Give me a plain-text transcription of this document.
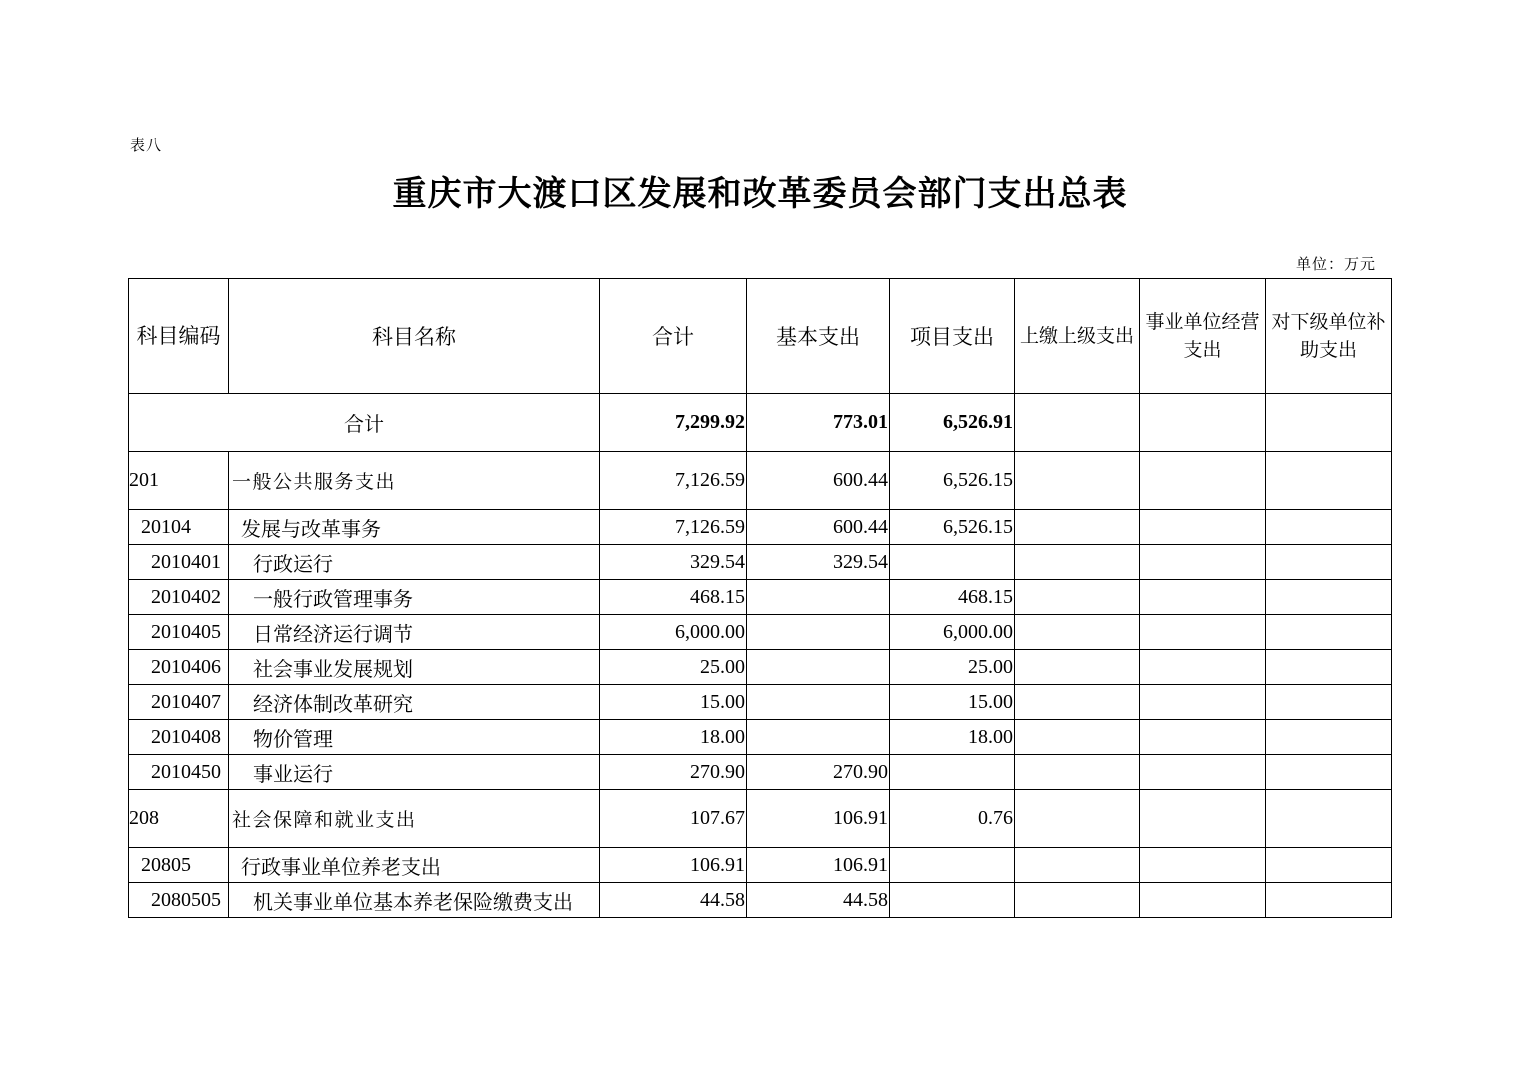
表八
重庆市大渡口区发展和改革委员会部门支出总表
单位：万元
科目编码	科目名称	合计	基本支出	项目支出	上缴上级支出	事业单位经营支出	对下级单位补助支出
合计		7,299.92	773.01	6,526.91			
201	一般公共服务支出	7,126.59	600.44	6,526.15			
20104	发展与改革事务	7,126.59	600.44	6,526.15			
2010401	行政运行	329.54	329.54				
2010402	一般行政管理事务	468.15		468.15			
2010405	日常经济运行调节	6,000.00		6,000.00			
2010406	社会事业发展规划	25.00		25.00			
2010407	经济体制改革研究	15.00		15.00			
2010408	物价管理	18.00		18.00			
2010450	事业运行	270.90	270.90				
208	社会保障和就业支出	107.67	106.91	0.76			
20805	行政事业单位养老支出	106.91	106.91				
2080505	机关事业单位基本养老保险缴费支出	44.58	44.58				
